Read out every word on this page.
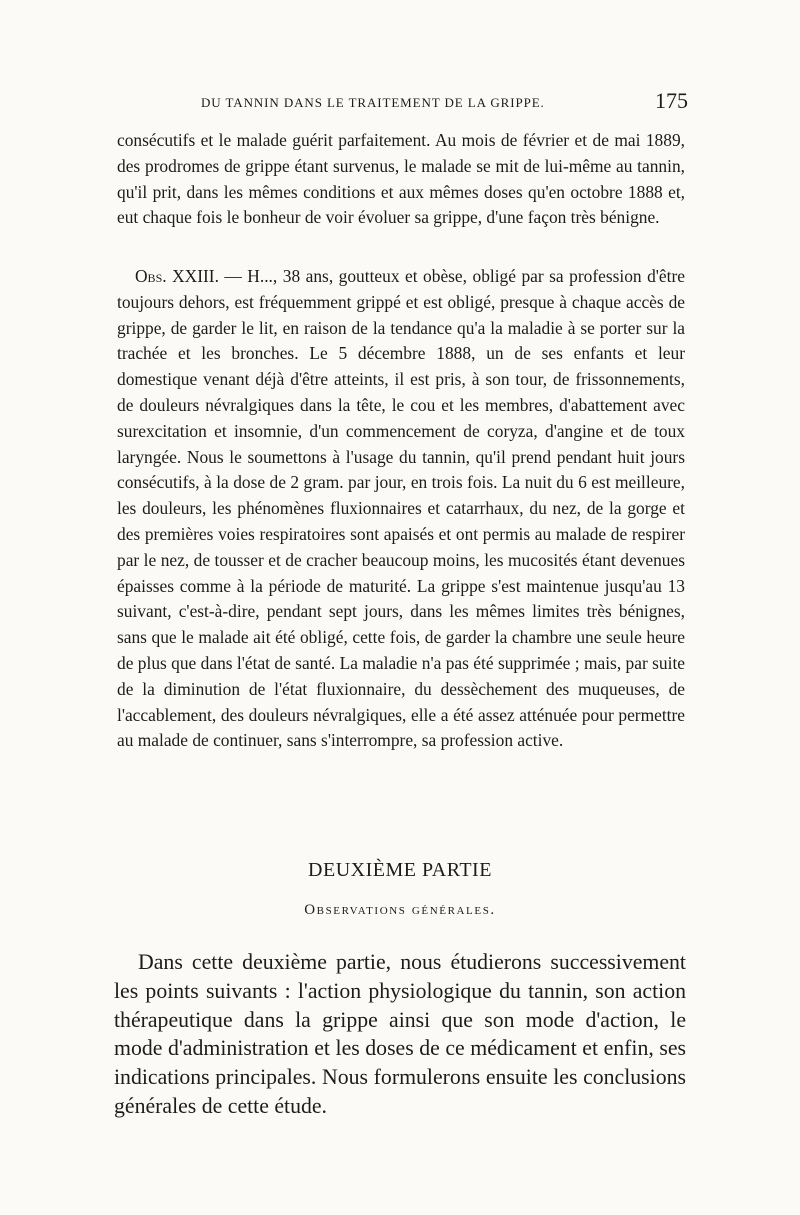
DU TANNIN DANS LE TRAITEMENT DE LA GRIPPE.	175

consécutifs et le malade guérit parfaitement. Au mois de février et de mai 1889, des prodromes de grippe étant survenus, le malade se mit de lui-même au tannin, qu'il prit, dans les mêmes conditions et aux mêmes doses qu'en octobre 1888 et, eut chaque fois le bonheur de voir évoluer sa grippe, d'une façon très bénigne.

Obs. XXIII. — H..., 38 ans, goutteux et obèse, obligé par sa profession d'être toujours dehors, est fréquemment grippé et est obligé, presque à chaque accès de grippe, de garder le lit, en raison de la tendance qu'a la maladie à se porter sur la trachée et les bronches. Le 5 décembre 1888, un de ses enfants et leur domestique venant déjà d'être atteints, il est pris, à son tour, de frissonnements, de douleurs névralgiques dans la tête, le cou et les membres, d'abattement avec surexcitation et insomnie, d'un commencement de coryza, d'angine et de toux laryngée. Nous le soumettons à l'usage du tannin, qu'il prend pendant huit jours consécutifs, à la dose de 2 gram. par jour, en trois fois. La nuit du 6 est meilleure, les douleurs, les phénomènes fluxionnaires et catarrhaux, du nez, de la gorge et des premières voies respiratoires sont apaisés et ont permis au malade de respirer par le nez, de tousser et de cracher beaucoup moins, les mucosités étant devenues épaisses comme à la période de maturité. La grippe s'est maintenue jusqu'au 13 suivant, c'est-à-dire, pendant sept jours, dans les mêmes limites très bénignes, sans que le malade ait été obligé, cette fois, de garder la chambre une seule heure de plus que dans l'état de santé. La maladie n'a pas été supprimée ; mais, par suite de la diminution de l'état fluxionnaire, du dessèchement des muqueuses, de l'accablement, des douleurs névralgiques, elle a été assez atténuée pour permettre au malade de continuer, sans s'interrompre, sa profession active.

DEUXIÈME PARTIE
Observations générales.

Dans cette deuxième partie, nous étudierons successivement les points suivants : l'action physiologique du tannin, son action thérapeutique dans la grippe ainsi que son mode d'action, le mode d'administration et les doses de ce médicament et enfin, ses indications principales. Nous formulerons ensuite les conclusions générales de cette étude.
